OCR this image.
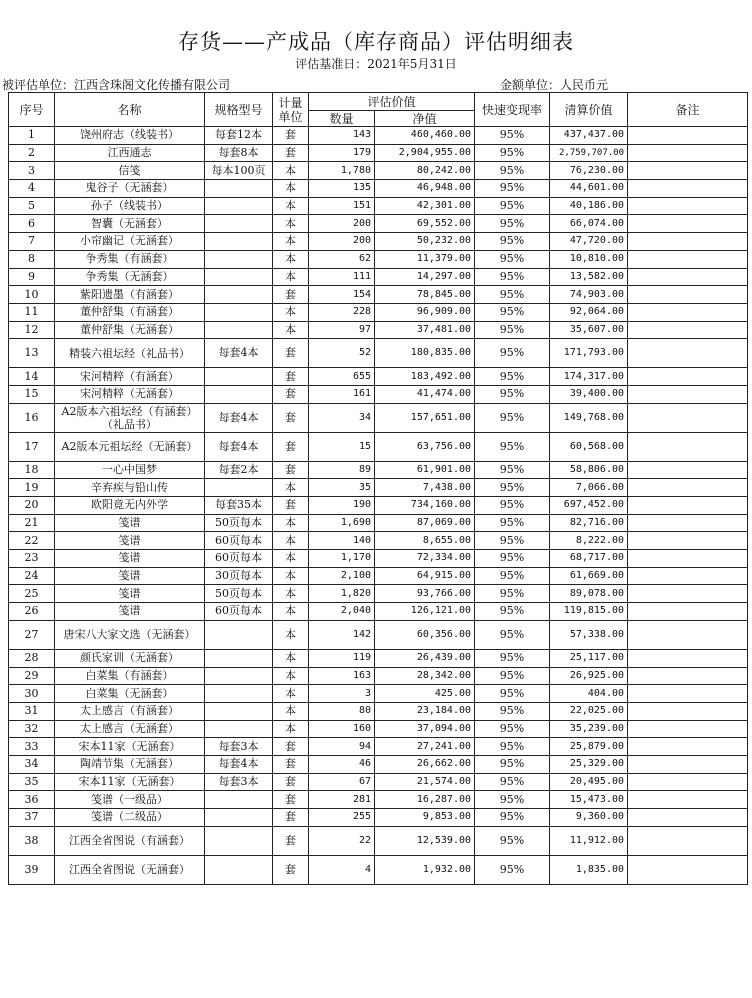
存货——产成品（库存商品）评估明细表
评估基准日：2021年5月31日
被评估单位：江西含珠阁文化传播有限公司	金额单位：人民币元
序号	名称	规格型号	计量单位	评估价值		快速变现率	清算价值	备注
				数量	净值			
1	饶州府志（线装书）	每套12本	套	143	460,460.00	95%	437,437.00	
2	江西通志	每套8本	套	179	2,904,955.00	95%	2,759,707.00	
3	信笺	每本100页	本	1,780	80,242.00	95%	76,230.00	
4	鬼谷子（无涵套）		本	135	46,948.00	95%	44,601.00	
5	孙子（线装书）		本	151	42,301.00	95%	40,186.00	
6	智囊（无涵套）		本	200	69,552.00	95%	66,074.00	
7	小帘幽记（无涵套）		本	200	50,232.00	95%	47,720.00	
8	争秀集（有涵套）		本	62	11,379.00	95%	10,810.00	
9	争秀集（无涵套）		本	111	14,297.00	95%	13,582.00	
10	紫阳遗墨（有涵套）		套	154	78,845.00	95%	74,903.00	
11	董仲舒集（有涵套）		本	228	96,909.00	95%	92,064.00	
12	董仲舒集（无涵套）		本	97	37,481.00	95%	35,607.00	
13	精装六祖坛经（礼品书）	每套4本	套	52	180,835.00	95%	171,793.00	
14	宋河精粹（有涵套）		套	655	183,492.00	95%	174,317.00	
15	宋河精粹（无涵套）		套	161	41,474.00	95%	39,400.00	
16	A2版本六祖坛经（有涵套）（礼品书）	每套4本	套	34	157,651.00	95%	149,768.00	
17	A2版本元祖坛经（无涵套）	每套4本	套	15	63,756.00	95%	60,568.00	
18	一心中国梦	每套2本	套	89	61,901.00	95%	58,806.00	
19	辛弃疾与铅山传		本	35	7,438.00	95%	7,066.00	
20	欧阳竟无内外学	每套35本	套	190	734,160.00	95%	697,452.00	
21	笺谱	50页每本	本	1,690	87,069.00	95%	82,716.00	
22	笺谱	60页每本	本	140	8,655.00	95%	8,222.00	
23	笺谱	60页每本	本	1,170	72,334.00	95%	68,717.00	
24	笺谱	30页每本	本	2,100	64,915.00	95%	61,669.00	
25	笺谱	50页每本	本	1,820	93,766.00	95%	89,078.00	
26	笺谱	60页每本	本	2,040	126,121.00	95%	119,815.00	
27	唐宋八大家文选（无涵套）		本	142	60,356.00	95%	57,338.00	
28	颜氏家训（无涵套）		本	119	26,439.00	95%	25,117.00	
29	白菜集（有涵套）		本	163	28,342.00	95%	26,925.00	
30	白菜集（无涵套）		本	3	425.00	95%	404.00	
31	太上感言（有涵套）		本	80	23,184.00	95%	22,025.00	
32	太上感言（无涵套）		本	160	37,094.00	95%	35,239.00	
33	宋本11家（无涵套）	每套3本	套	94	27,241.00	95%	25,879.00	
34	陶靖节集（无涵套）	每套4本	套	46	26,662.00	95%	25,329.00	
35	宋本11家（无涵套）	每套3本	套	67	21,574.00	95%	20,495.00	
36	笺谱（一级品）		套	281	16,287.00	95%	15,473.00	
37	笺谱（二级品）		套	255	9,853.00	95%	9,360.00	
38	江西全省图说（有涵套）		套	22	12,539.00	95%	11,912.00	
39	江西全省图说（无涵套）		套	4	1,932.00	95%	1,835.00	
